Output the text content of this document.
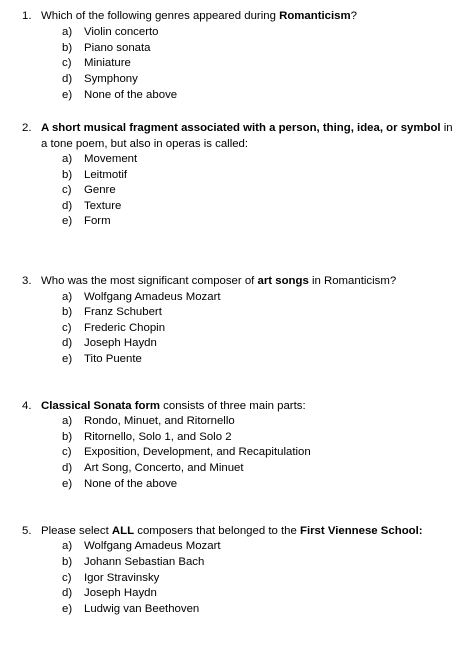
1. Which of the following genres appeared during Romanticism?
a) Violin concerto
b) Piano sonata
c) Miniature
d) Symphony
e) None of the above
2. A short musical fragment associated with a person, thing, idea, or symbol in
a tone poem, but also in operas is called:
a) Movement
b) Leitmotif
c) Genre
d) Texture
e) Form
3. Who was the most significant composer of art songs in Romanticism?
a) Wolfgang Amadeus Mozart
b) Franz Schubert
c) Frederic Chopin
d) Joseph Haydn
e) Tito Puente
4. Classical Sonata form consists of three main parts:
a) Rondo, Minuet, and Ritornello
b) Ritornello, Solo 1, and Solo 2
c) Exposition, Development, and Recapitulation
d) Art Song, Concerto, and Minuet
e) None of the above
5. Please select ALL composers that belonged to the First Viennese School:
a) Wolfgang Amadeus Mozart
b) Johann Sebastian Bach
c) Igor Stravinsky
d) Joseph Haydn
e) Ludwig van Beethoven
